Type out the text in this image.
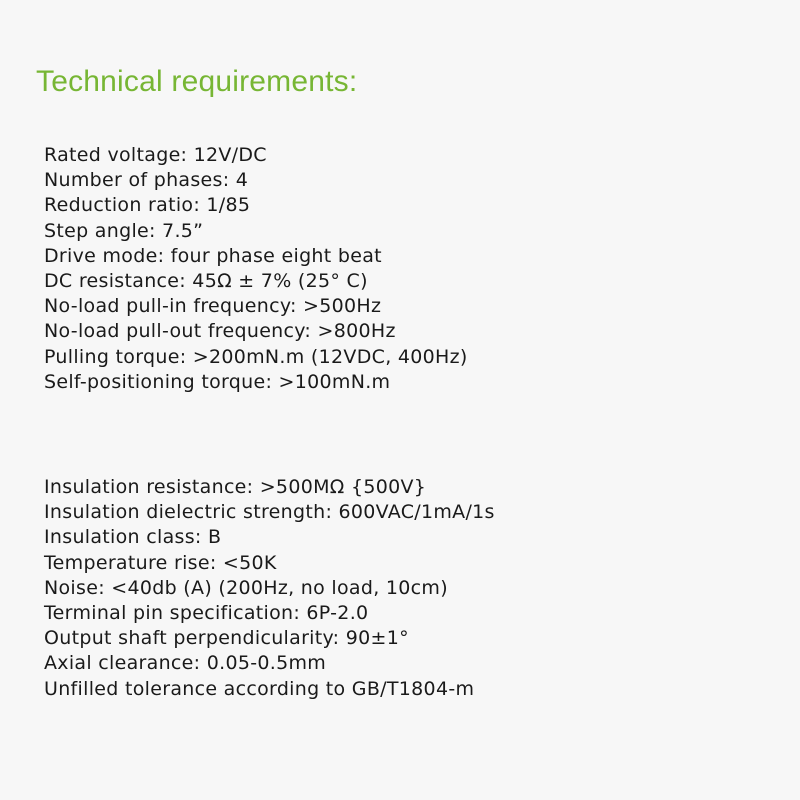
Technical requirements:
Rated voltage: 12V/DC
Number of phases: 4
Reduction ratio: 1/85
Step angle: 7.5”
Drive mode: four phase eight beat
DC resistance: 45Ω ± 7% (25° C)
No-load pull-in frequency: >500Hz
No-load pull-out frequency: >800Hz
Pulling torque: >200mN.m (12VDC, 400Hz)
Self-positioning torque: >100mN.m
Insulation resistance: >500MΩ {500V}
Insulation dielectric strength: 600VAC/1mA/1s
Insulation class: B
Temperature rise: <50K
Noise: <40db (A) (200Hz, no load, 10cm)
Terminal pin specification: 6P-2.0
Output shaft perpendicularity: 90±1°
Axial clearance: 0.05-0.5mm
Unfilled tolerance according to GB/T1804-m
